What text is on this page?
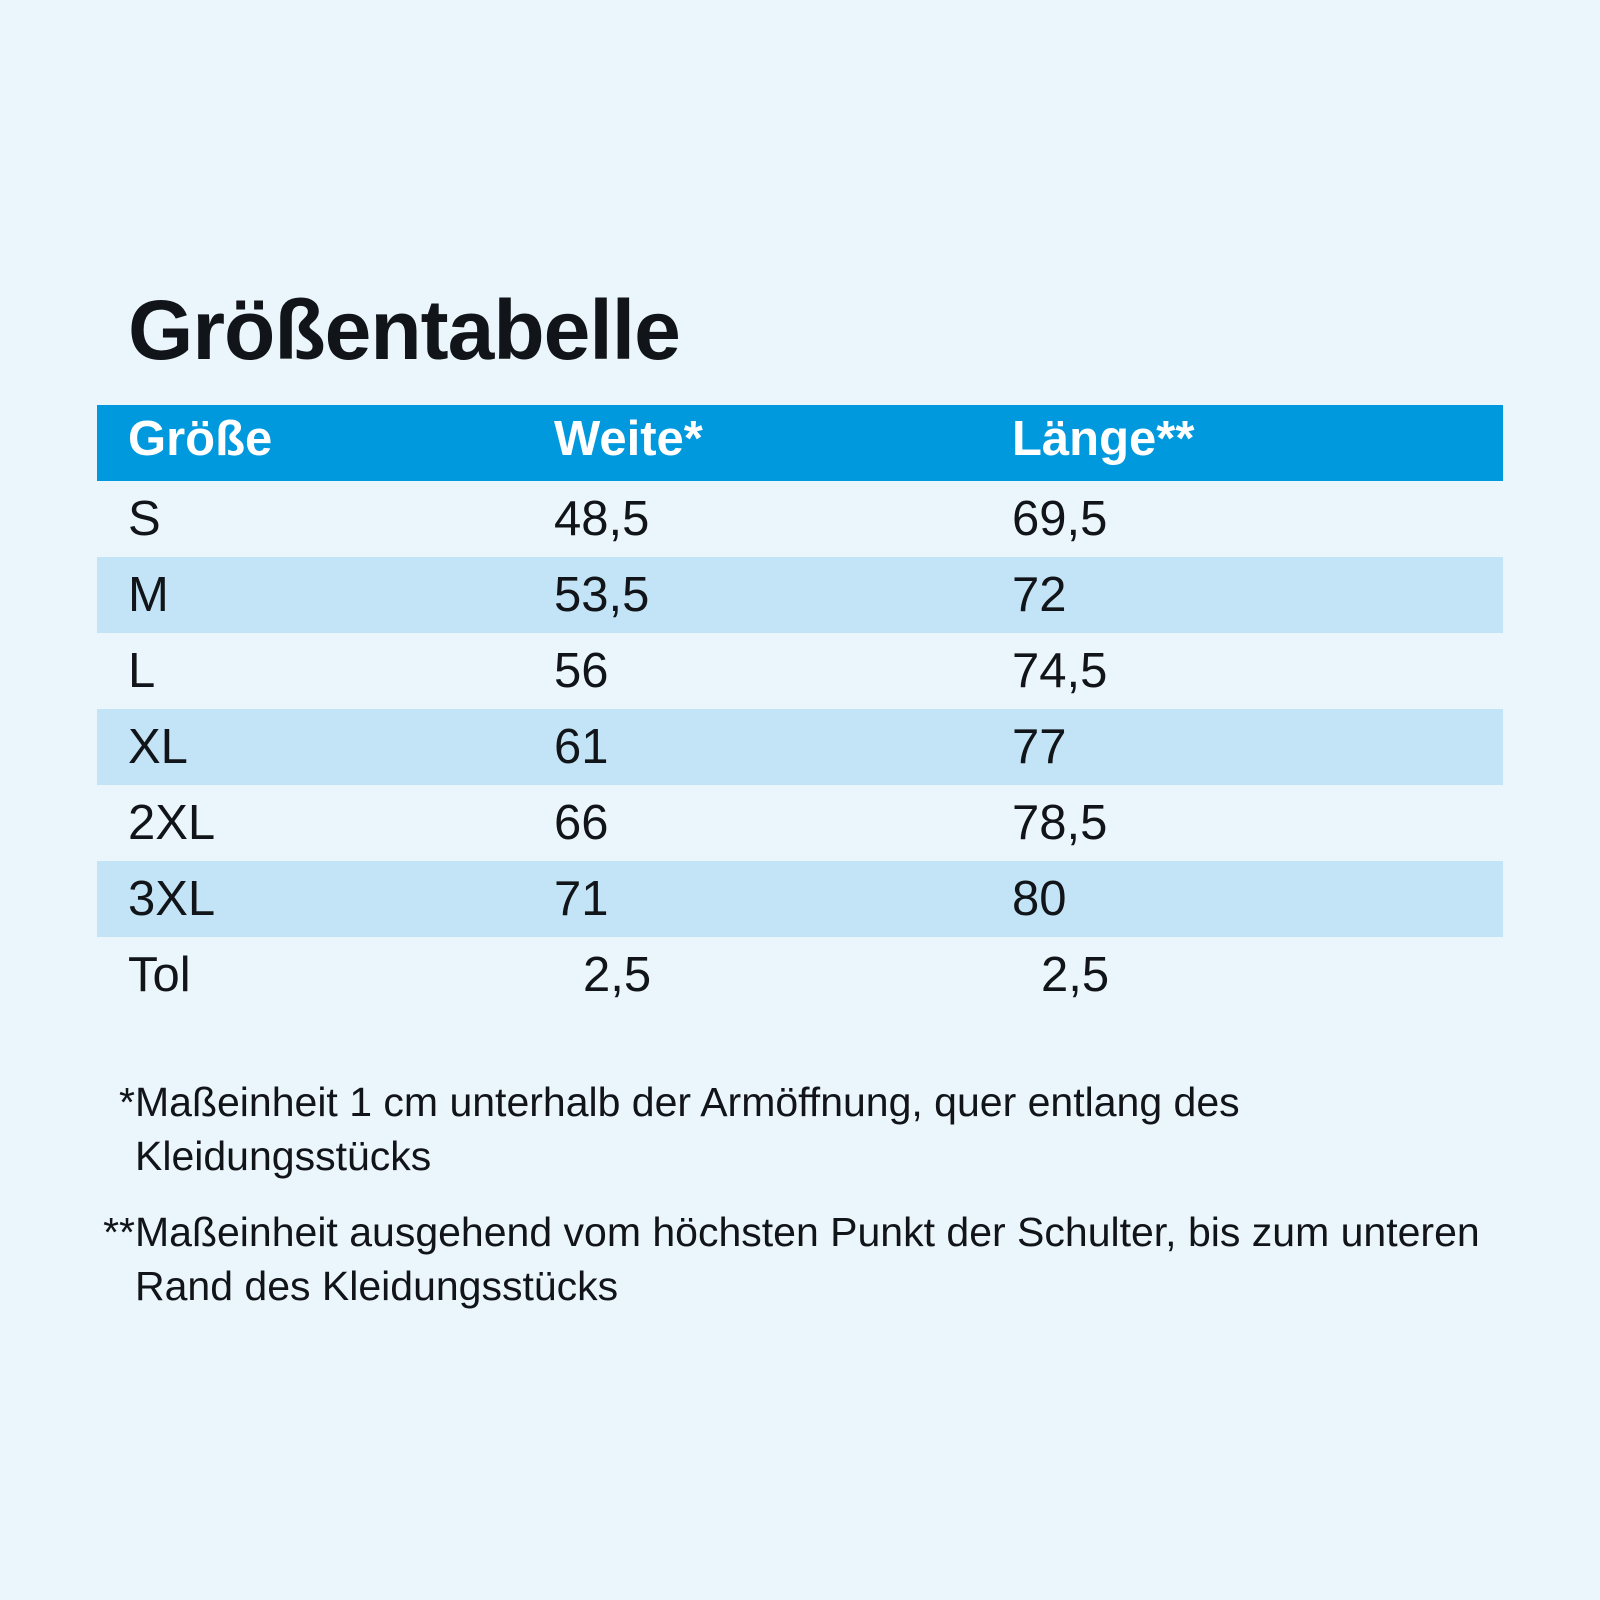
Größentabelle
Größe	Weite*	Länge**
S	48,5	69,5
M	53,5	72
L	56	74,5
XL	61	77
2XL	66	78,5
3XL	71	80
Tol	2,5	2,5
* Maßeinheit 1 cm unterhalb der Armöffnung, quer entlang des Kleidungsstücks
** Maßeinheit ausgehend vom höchsten Punkt der Schulter, bis zum unteren Rand des Kleidungsstücks
